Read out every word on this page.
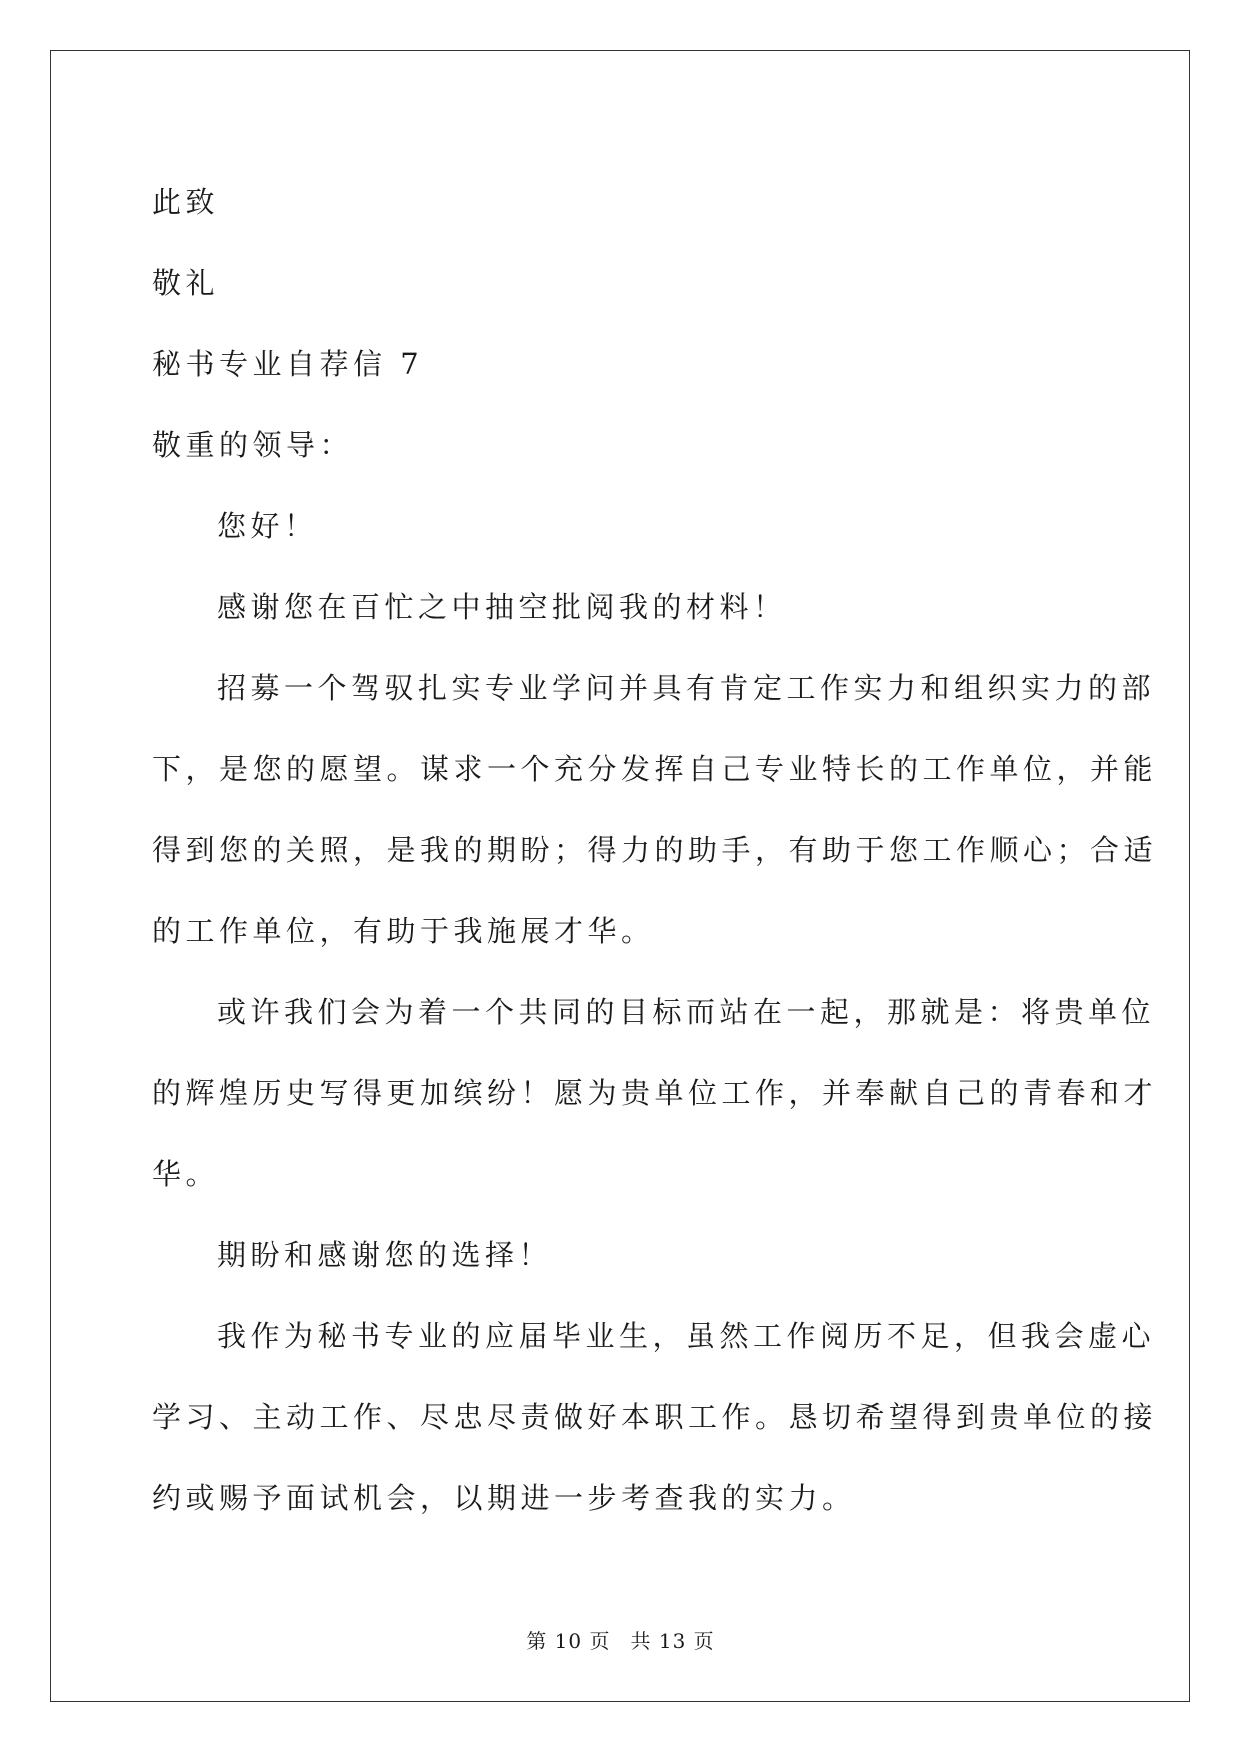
此致

敬礼

秘书专业自荐信 7

敬重的领导：

您好！

感谢您在百忙之中抽空批阅我的材料！

招募一个驾驭扎实专业学问并具有肯定工作实力和组织实力的部
下，是您的愿望。谋求一个充分发挥自己专业特长的工作单位，并能
得到您的关照，是我的期盼；得力的助手，有助于您工作顺心；合适
的工作单位，有助于我施展才华。

或许我们会为着一个共同的目标而站在一起，那就是：将贵单位
的辉煌历史写得更加缤纷！愿为贵单位工作，并奉献自己的青春和才
华。

期盼和感谢您的选择！

我作为秘书专业的应届毕业生，虽然工作阅历不足，但我会虚心
学习、主动工作、尽忠尽责做好本职工作。恳切希望得到贵单位的接
约或赐予面试机会，以期进一步考查我的实力。

第 10 页 共 13 页
